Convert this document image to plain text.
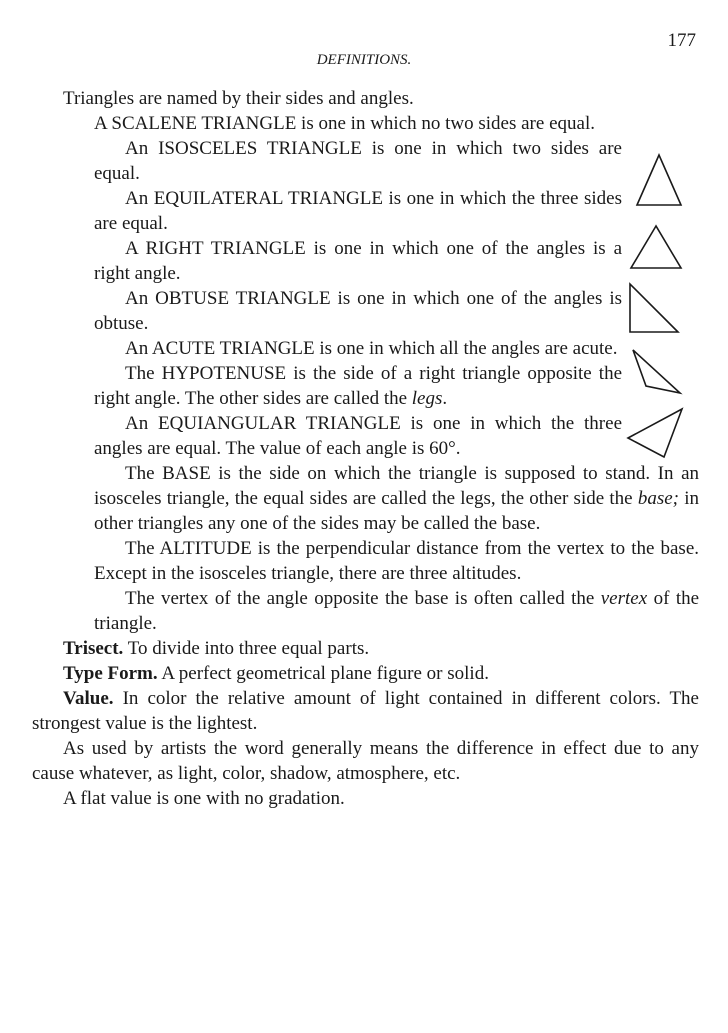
177
DEFINITIONS.

Triangles are named by their sides and angles.

A SCALENE TRIANGLE is one in which no two sides are equal.

An ISOSCELES TRIANGLE is one in which two sides are equal.

An EQUILATERAL TRIANGLE is one in which the three sides are equal.

A RIGHT TRIANGLE is one in which one of the angles is a right angle.

An OBTUSE TRIANGLE is one in which one of the angles is obtuse.

An ACUTE TRIANGLE is one in which all the angles are acute.

The HYPOTENUSE is the side of a right triangle opposite the right angle. The other sides are called the legs.

An EQUIANGULAR TRIANGLE is one in which the three angles are equal. The value of each angle is 60°.

The BASE is the side on which the triangle is supposed to stand. In an isosceles triangle, the equal sides are called the legs, the other side the base; in other triangles any one of the sides may be called the base.

The ALTITUDE is the perpendicular distance from the vertex to the base. Except in the isosceles triangle, there are three altitudes.

The vertex of the angle opposite the base is often called the vertex of the triangle.

Trisect. To divide into three equal parts.

Type Form. A perfect geometrical plane figure or solid.

Value. In color the relative amount of light contained in different colors. The strongest value is the lightest.

As used by artists the word generally means the difference in effect due to any cause whatever, as light, color, shadow, atmosphere, etc.

A flat value is one with no gradation.
